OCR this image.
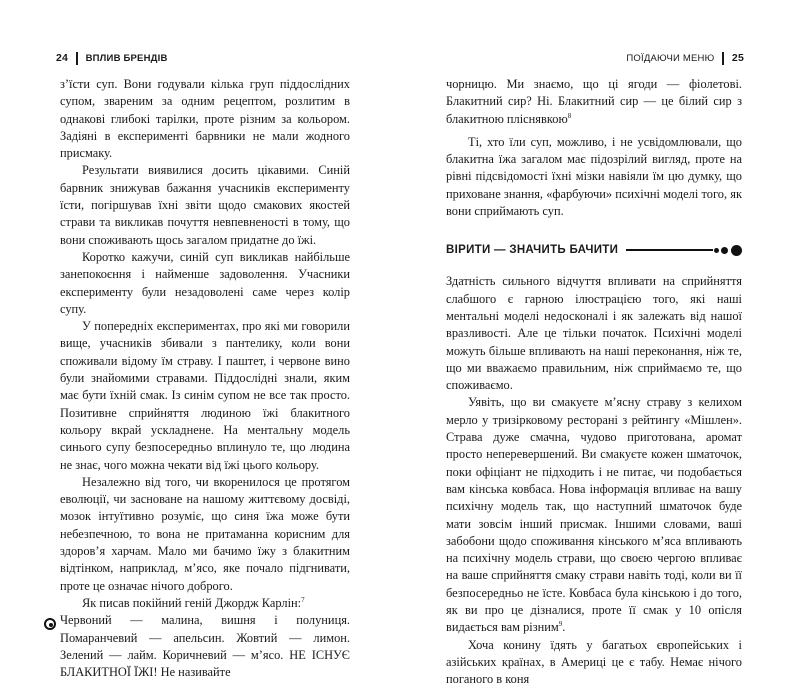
24 ВПЛИВ БРЕНДІВ

з’їсти суп. Вони годували кілька груп піддослідних супом, звареним за одним рецептом, розлитим в однакові глибокі тарілки, проте різним за кольором. Задіяні в експерименті барвники не мали жодного присмаку.

Результати виявилися досить цікавими. Синій барвник знижував бажання учасників експерименту їсти, погіршував їхні звіти щодо смакових якостей страви та викликав почуття невпевненості в тому, що вони споживають щось загалом придатне до їжі.

Коротко кажучи, синій суп викликав найбільше занепокоєння і найменше задоволення. Учасники експерименту були незадоволені саме через колір супу.

У попередніх експериментах, про які ми говорили вище, учасників збивали з пантелику, коли вони споживали відому їм страву. І паштет, і червоне вино були знайомими стравами. Піддослідні знали, яким має бути їхній смак. Із синім супом не все так просто. Позитивне сприйняття людиною їжі блакитного кольору вкрай ускладнене. На ментальну модель синього супу безпосередньо вплинуло те, що людина не знає, чого можна чекати від їжі цього кольору.

Незалежно від того, чи вкоренилося це протягом еволюції, чи засноване на нашому життєвому досвіді, мозок інтуїтивно розуміє, що синя їжа може бути небезпечною, то вона не притаманна корисним для здоров’я харчам. Мало ми бачимо їжу з блакитним відтінком, наприклад, м’ясо, яке почало підгнивати, проте це означає нічого доброго.

Як писав покійний геній Джордж Карлін:$^7$

Червоний — малина, вишня і полуниця. Помаранчевий — апельсин. Жовтий — лимон. Зелений — лайм. Коричневий — м’ясо. НЕ ІСНУЄ БЛАКИТНОЇ ЇЖІ! Не називайте

ПОЇДАЮЧИ МЕНЮ 25

чорницю. Ми знаємо, що ці ягоди — фіолетові. Блакитний сир? Ні. Блакитний сир — це білий сир з блакитною пліснявкою$^8$

Ті, хто їли суп, можливо, і не усвідомлювали, що блакитна їжа загалом має підозрілий вигляд, проте на рівні підсвідомості їхні мізки навіяли їм цю думку, що приховане знання, «фарбуючи» психічні моделі того, як вони сприймають суп.

ВІРИТИ — ЗНАЧИТЬ БАЧИТИ

Здатність сильного відчуття впливати на сприйняття слабшого є гарною ілюстрацією того, які наші ментальні моделі недосконалі і як залежать від нашої вразливості. Але це тільки початок. Психічні моделі можуть більше впливають на наші переконання, ніж те, що ми вважаємо правильним, ніж сприймаємо те, що споживаємо.

Уявіть, що ви смакуєте м’ясну страву з келихом мерло у тризірковому ресторані з рейтингу «Мішлен». Страва дуже смачна, чудово приготована, аромат просто неперевершений. Ви смакуєте кожен шматочок, поки офіціант не підходить і не питає, чи подобається вам кінська ковбаса. Нова інформація впливає на вашу психічну модель так, що наступний шматочок буде мати зовсім інший присмак. Іншими словами, ваші забобони щодо споживання кінського м’яса впливають на психічну модель страви, що своєю чергою впливає на ваше сприйняття смаку страви навіть тоді, коли ви її безпосередньо не їсте. Ковбаса була кінською і до того, як ви про це дізналися, проте її смак у 10 опісля видається вам різним$^9$.

Хоча конину їдять у багатьох європейських і азійських країнах, в Америці це є табу. Немає нічого поганого в коня
